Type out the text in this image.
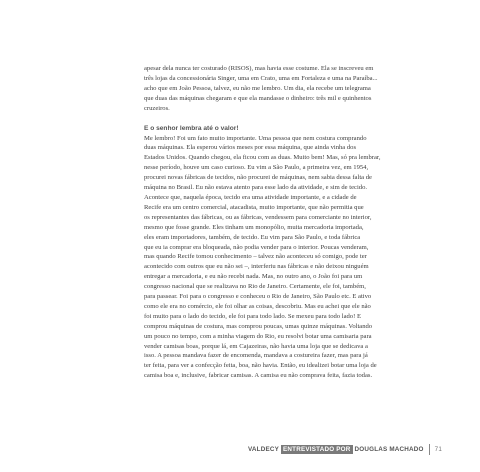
apesar dela nunca ter costurado (RISOS), mas havia esse costume. Ela se inscreveu em
três lojas da concessionária Singer, uma em Crato, uma em Fortaleza e uma na Paraíba...
acho que em João Pessoa, talvez, eu não me lembro. Um dia, ela recebe um telegrama
que duas das máquinas chegaram e que ela mandasse o dinheiro: três mil e quinhentos
cruzeiros.

E o senhor lembra até o valor!

Me lembro! Foi um fato muito importante. Uma pessoa que nem costura comprando
duas máquinas. Ela esperou vários meses por essa máquina, que ainda vinha dos
Estados Unidos. Quando chegou, ela ficou com as duas. Muito bem! Mas, só pra lembrar,
nesse período, houve um caso curioso. Eu vim a São Paulo, a primeira vez, em 1954,
procurei novas fábricas de tecidos, não procurei de máquinas, nem sabia dessa falta de
máquina no Brasil. Eu não estava atento para esse lado da atividade, e sim de tecido.
Acontece que, naquela época, tecido era uma atividade importante, e a cidade de
Recife era um centro comercial, atacadista, muito importante, que não permitia que
os representantes das fábricas, ou as fábricas, vendessem para comerciante no interior,
mesmo que fosse grande. Eles tinham um monopólio, muita mercadoria importada,
eles eram importadores, também, de tecido. Eu vim para São Paulo, e toda fábrica
que eu ia comprar era bloqueada, não podia vender para o interior. Poucas venderam,
mas quando Recife tomou conhecimento – talvez não aconteceu só comigo, pode ter
acontecido com outros que eu não sei –, interferiu nas fábricas e não deixou ninguém
entregar a mercadoria, e eu não recebi nada. Mas, no outro ano, o João foi para um
congresso nacional que se realizava no Rio de Janeiro. Certamente, ele foi, também,
para passear. Foi para o congresso e conheceu o Rio de Janeiro, São Paulo etc. E ativo
como ele era no comércio, ele foi olhar as coisas, descobriu. Mas eu achei que ele não
foi muito para o lado do tecido, ele foi para todo lado. Se mexeu para todo lado! E
comprou máquinas de costura, mas comprou poucas, umas quinze máquinas. Voltando
um pouco no tempo, com a minha viagem do Rio, eu resolvi botar uma camisaria para
vender camisas boas, porque lá, em Cajazeiras, não havia uma loja que se dedicava a
isso. A pessoa mandava fazer de encomenda, mandava a costureira fazer, mas para já
ter feita, para ver a confecção feita, boa, não havia. Então, eu idealizei botar uma loja de
camisa boa e, inclusive, fabricar camisas. A camisa eu não comprava feita, fazia todas.

VALDECY ENTREVISTADO POR DOUGLAS MACHADO 71
